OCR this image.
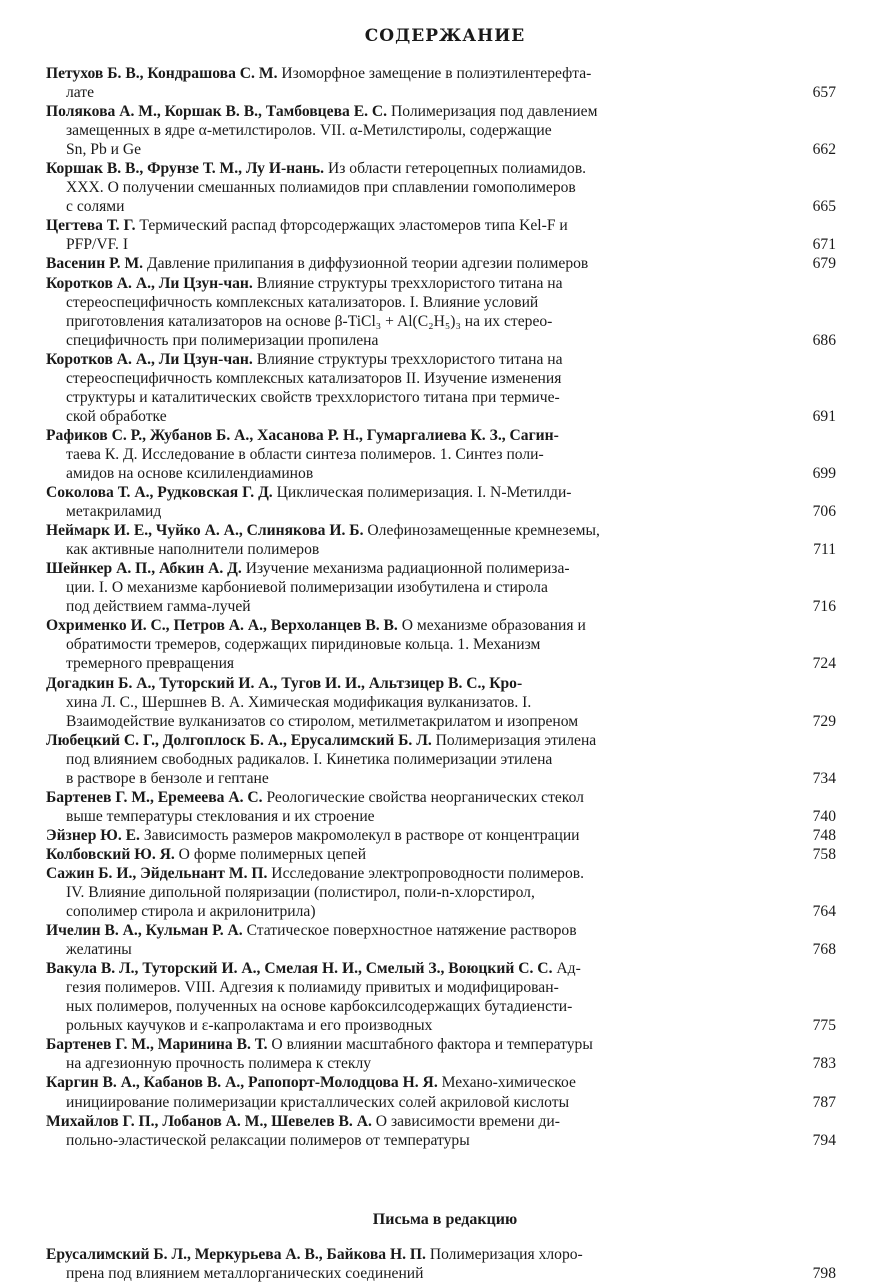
СОДЕРЖАНИЕ
Петухов Б. В., Кондрашова С. М. Изоморфное замещение в полиэтилентерефта-
лате	657
Полякова А. М., Коршак В. В., Тамбовцева Е. С. Полимеризация под давлением
замещенных в ядре α-метилстиролов. VII. α-Метилстиролы, содержащие
Sn, Pb и Ge	662
Коршак В. В., Фрунзе Т. М., Лу И-нань. Из области гетероцепных полиамидов.
XXX. О получении смешанных полиамидов при сплавлении гомополимеров
с солями	665
Цегтева Т. Г. Термический распад фторсодержащих эластомеров типа Kel-F и
PFP/VF. I	671
Васенин Р. М. Давление прилипания в диффузионной теории адгезии полимеров	679
Коротков А. А., Ли Цзун-чан. Влияние структуры треххлористого титана на
стереоспецифичность комплексных катализаторов. I. Влияние условий
приготовления катализаторов на основе β-TiCl₃ + Al(C₂H₅)₃ на их стерео-
специфичность при полимеризации пропилена	686
Коротков А. А., Ли Цзун-чан. Влияние структуры треххлористого титана на
стереоспецифичность комплексных катализаторов II. Изучение изменения
структуры и каталитических свойств треххлористого титана при термиче-
ской обработке	691
Рафиков С. Р., Жубанов Б. А., Хасанова Р. Н., Гумаргалиева К. З., Сагин-
таева К. Д. Исследование в области синтеза полимеров. 1. Синтез поли-
амидов на основе ксилилендиаминов	699
Соколова Т. А., Рудковская Г. Д. Циклическая полимеризация. I. N-Метилди-
метакриламид	706
Неймарк И. Е., Чуйко А. А., Слинякова И. Б. Олефинозамещенные кремнеземы,
как активные наполнители полимеров	711
Шейнкер А. П., Абкин А. Д. Изучение механизма радиационной полимериза-
ции. I. О механизме карбониевой полимеризации изобутилена и стирола
под действием гамма-лучей	716
Охрименко И. С., Петров А. А., Верхоланцев В. В. О механизме образования и
обратимости тремеров, содержащих пиридиновые кольца. 1. Механизм
тремерного превращения	724
Догадкин Б. А., Туторский И. А., Тугов И. И., Альтзицер В. С., Кро-
хина Л. С., Шершнев В. А. Химическая модификация вулканизатов. I.
Взаимодействие вулканизатов со стиролом, метилметакрилатом и изопреном	729
Любецкий С. Г., Долгоплоск Б. А., Ерусалимский Б. Л. Полимеризация этилена
под влиянием свободных радикалов. I. Кинетика полимеризации этилена
в растворе в бензоле и гептане	734
Бартенев Г. М., Еремеева А. С. Реологические свойства неорганических стекол
выше температуры стеклования и их строение	740
Эйзнер Ю. Е. Зависимость размеров макромолекул в растворе от концентрации	748
Колбовский Ю. Я. О форме полимерных цепей	758
Сажин Б. И., Эйдельнант М. П. Исследование электропроводности полимеров.
IV. Влияние дипольной поляризации (полистирол, поли-n-хлорстирол,
сополимер стирола и акрилонитрила)	764
Ичелин В. А., Кульман Р. А. Статическое поверхностное натяжение растворов
желатины	768
Вакула В. Л., Туторский И. А., Смелая Н. И., Смелый З., Воюцкий С. С. Ад-
гезия полимеров. VIII. Адгезия к полиамиду привитых и модифицирован-
ных полимеров, полученных на основе карбоксилсодержащих бутадиенсти-
рольных каучуков и ε-капролактама и его производных	775
Бартенев Г. М., Маринина В. Т. О влиянии масштабного фактора и температуры
на адгезионную прочность полимера к стеклу	783
Каргин В. А., Кабанов В. А., Рапопорт-Молодцова Н. Я. Механо-химическое
инициирование полимеризации кристаллических солей акриловой кислоты	787
Михайлов Г. П., Лобанов А. М., Шевелев В. А. О зависимости времени ди-
польно-эластической релаксации полимеров от температуры	794
Письма в редакцию
Ерусалимский Б. Л., Меркурьева А. В., Байкова Н. П. Полимеризация хлоро-
прена под влиянием металлорганических соединений	798
